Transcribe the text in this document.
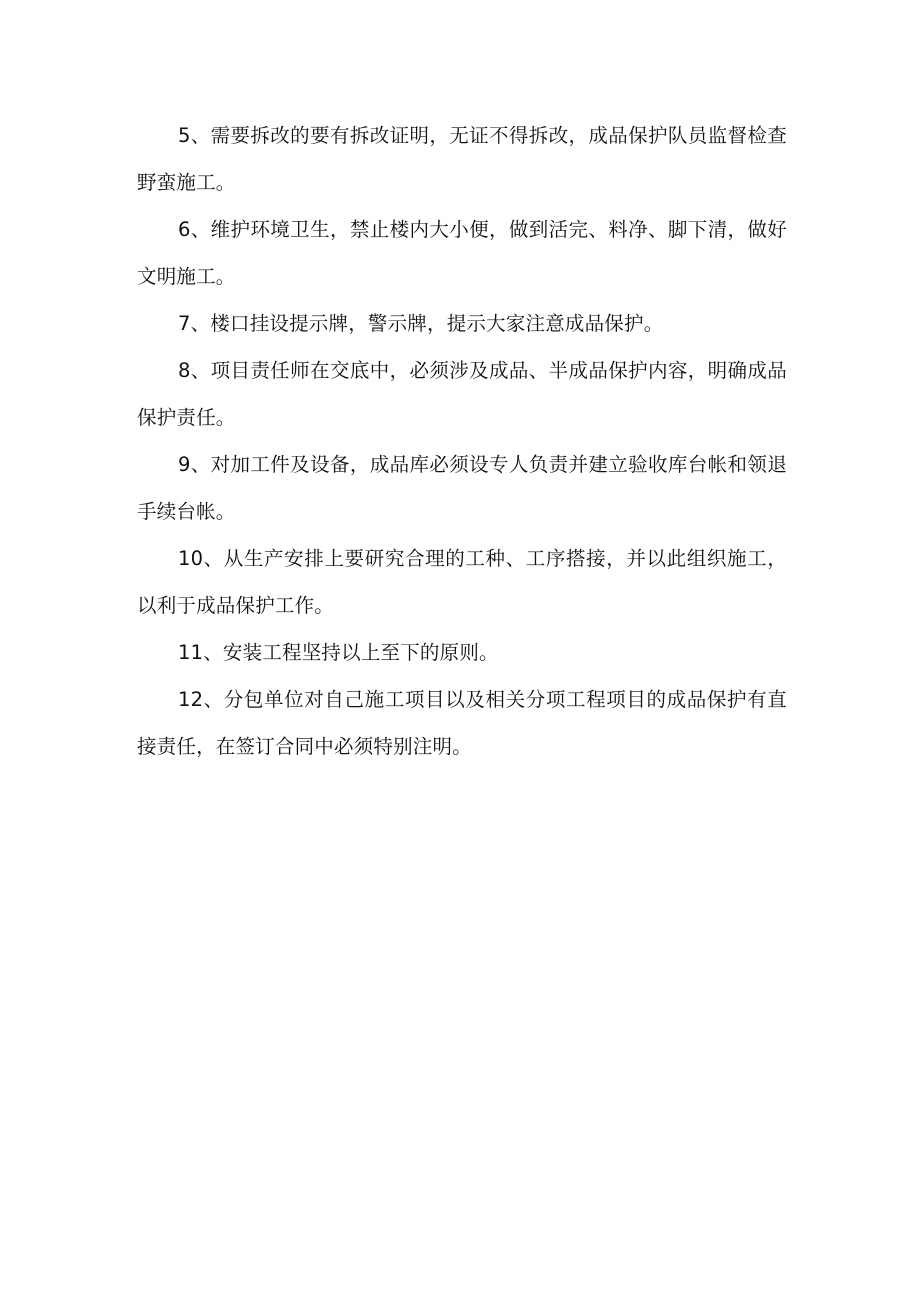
5、需要拆改的要有拆改证明，无证不得拆改，成品保护队员监督检查野蛮施工。

6、维护环境卫生，禁止楼内大小便，做到活完、料净、脚下清，做好文明施工。

7、楼口挂设提示牌，警示牌，提示大家注意成品保护。

8、项目责任师在交底中，必须涉及成品、半成品保护内容，明确成品保护责任。

9、对加工件及设备，成品库必须设专人负责并建立验收库台帐和领退手续台帐。

10、从生产安排上要研究合理的工种、工序搭接，并以此组织施工，以利于成品保护工作。

11、安装工程坚持以上至下的原则。

12、分包单位对自己施工项目以及相关分项工程项目的成品保护有直接责任，在签订合同中必须特别注明。
